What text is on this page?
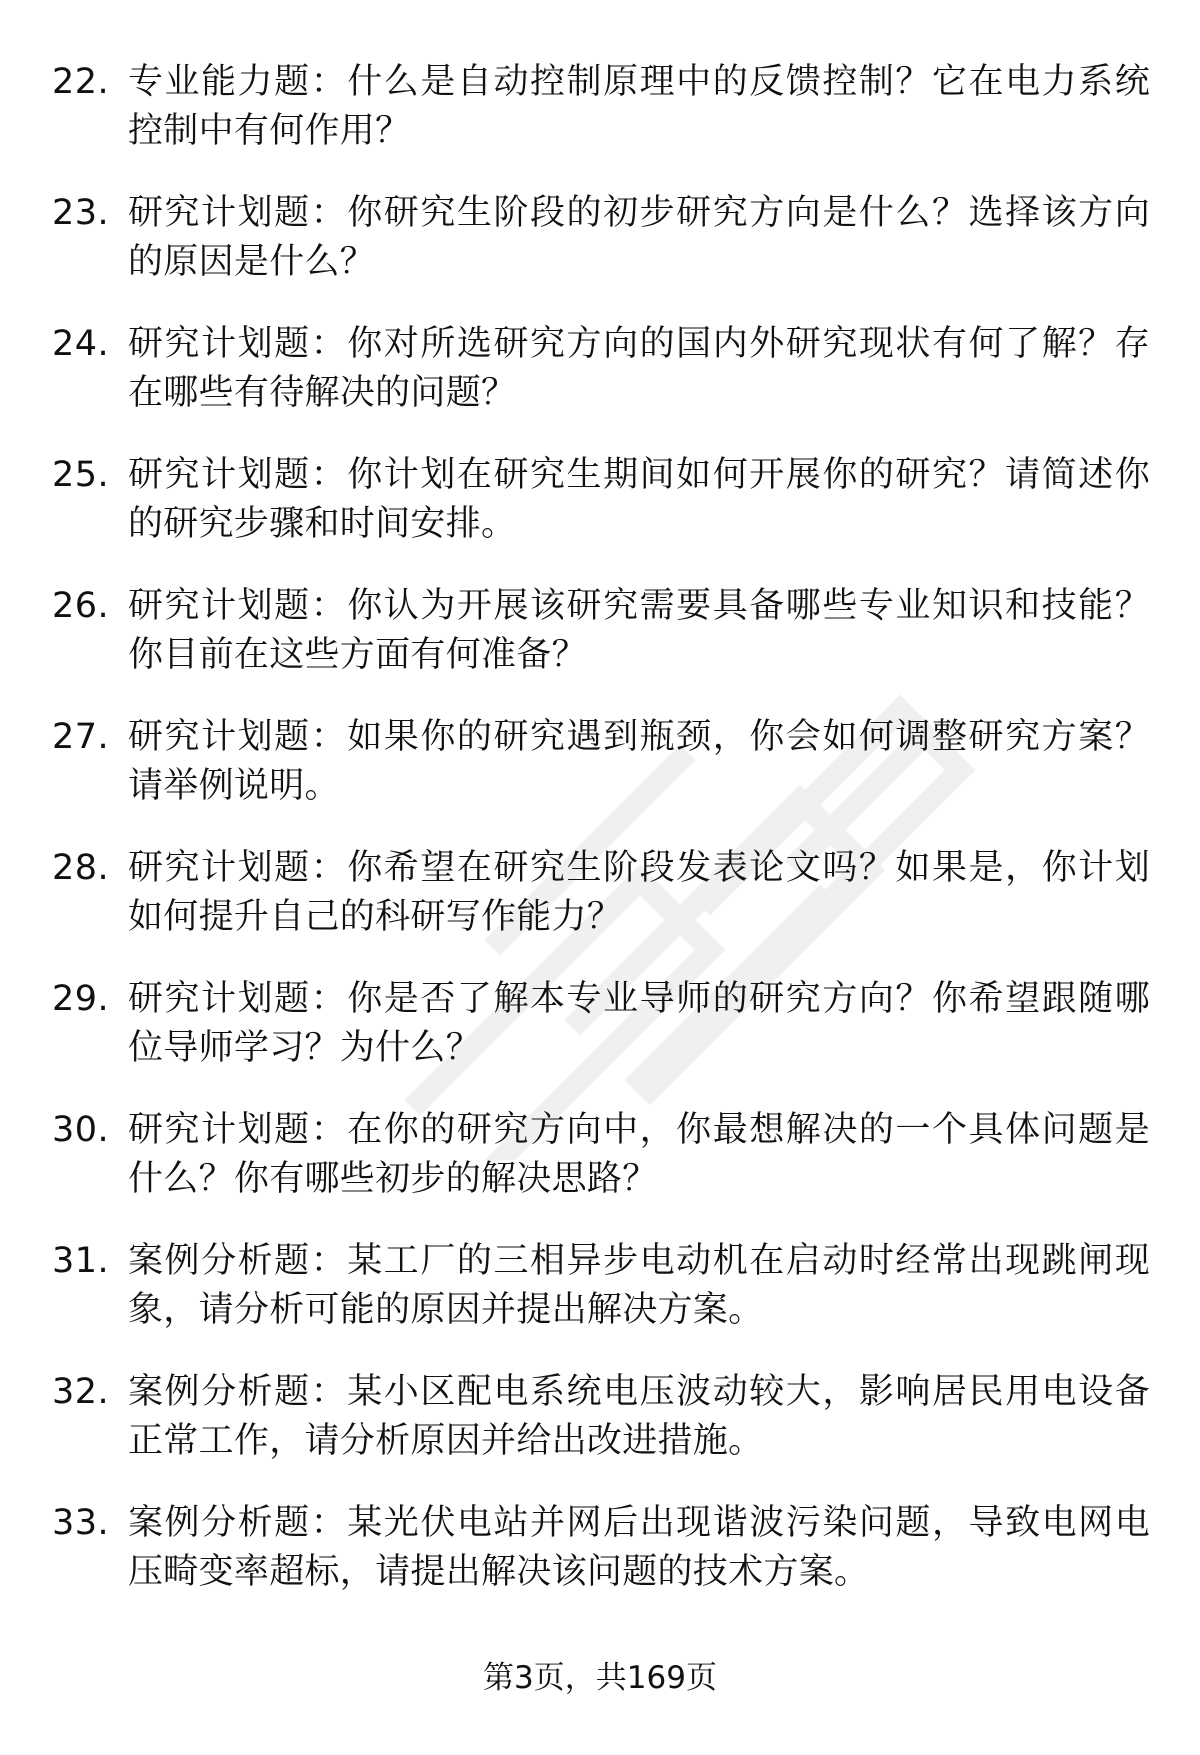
22. 专业能力题：什么是自动控制原理中的反馈控制？它在电力系统控制中有何作用？
23. 研究计划题：你研究生阶段的初步研究方向是什么？选择该方向的原因是什么？
24. 研究计划题：你对所选研究方向的国内外研究现状有何了解？存在哪些有待解决的问题？
25. 研究计划题：你计划在研究生期间如何开展你的研究？请简述你的研究步骤和时间安排。
26. 研究计划题：你认为开展该研究需要具备哪些专业知识和技能？你目前在这些方面有何准备？
27. 研究计划题：如果你的研究遇到瓶颈，你会如何调整研究方案？请举例说明。
28. 研究计划题：你希望在研究生阶段发表论文吗？如果是，你计划如何提升自己的科研写作能力？
29. 研究计划题：你是否了解本专业导师的研究方向？你希望跟随哪位导师学习？为什么？
30. 研究计划题：在你的研究方向中，你最想解决的一个具体问题是什么？你有哪些初步的解决思路？
31. 案例分析题：某工厂的三相异步电动机在启动时经常出现跳闸现象，请分析可能的原因并提出解决方案。
32. 案例分析题：某小区配电系统电压波动较大，影响居民用电设备正常工作，请分析原因并给出改进措施。
33. 案例分析题：某光伏电站并网后出现谐波污染问题，导致电网电压畸变率超标，请提出解决该问题的技术方案。
第3页，共169页
